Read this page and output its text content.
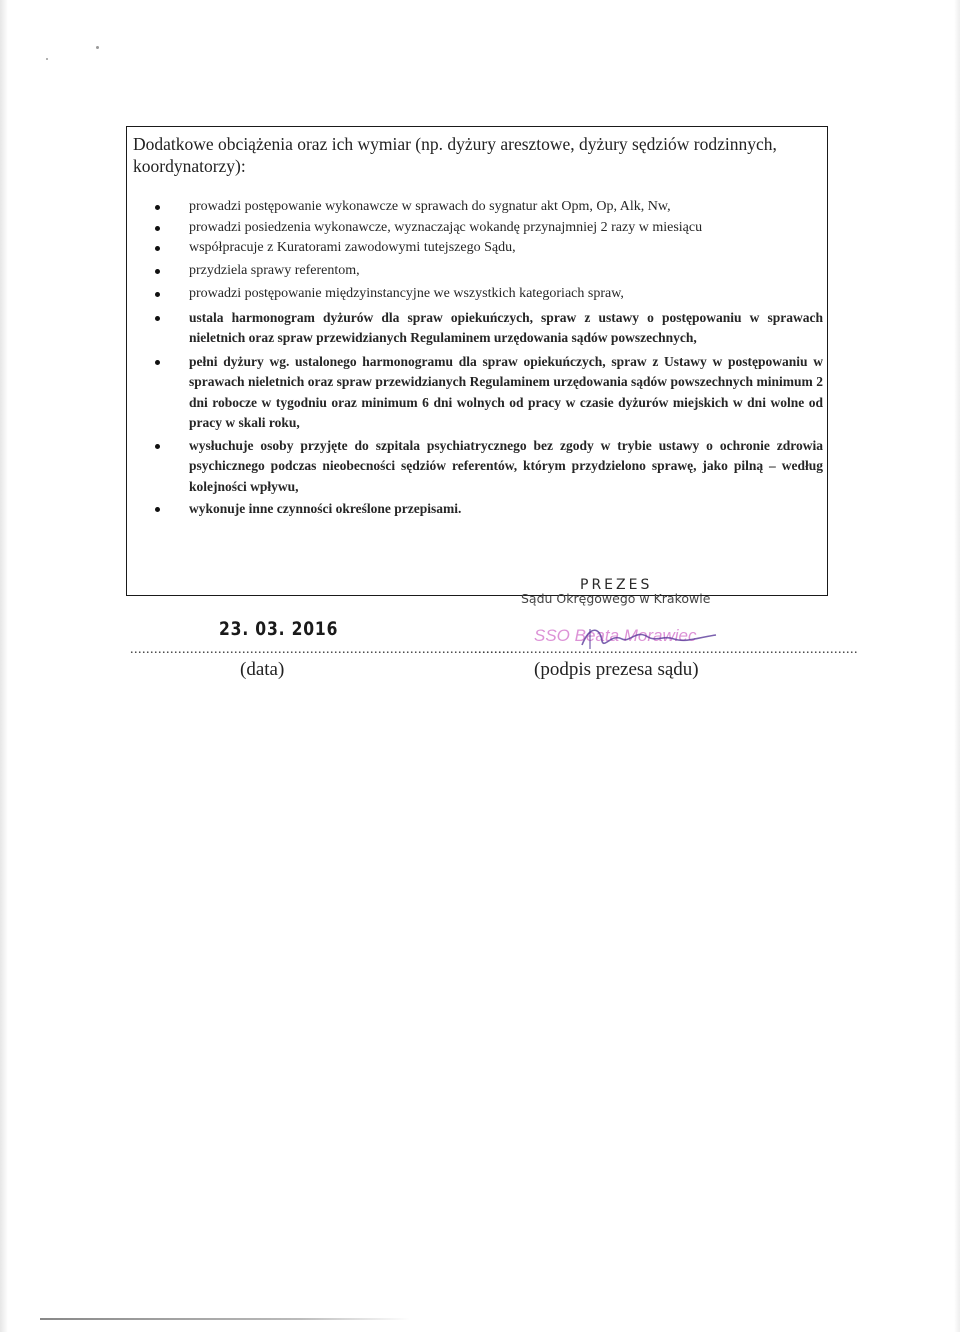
Dodatkowe obciążenia oraz ich wymiar (np. dyżury aresztowe, dyżury sędziów rodzinnych, koordynatorzy):
prowadzi postępowanie wykonawcze w sprawach do sygnatur akt Opm, Op, Alk, Nw,
prowadzi posiedzenia wykonawcze, wyznaczając wokandę przynajmniej 2 razy w miesiącu
współpracuje z Kuratorami zawodowymi tutejszego Sądu,
przydziela sprawy referentom,
prowadzi postępowanie międzyinstancyjne we wszystkich kategoriach spraw,
ustala harmonogram dyżurów dla spraw opiekuńczych, spraw z ustawy o postępowaniu w sprawach nieletnich oraz spraw przewidzianych Regulaminem urzędowania sądów powszechnych,
pełni dyżury wg. ustalonego harmonogramu dla spraw opiekuńczych, spraw z Ustawy w postępowaniu w sprawach nieletnich oraz spraw przewidzianych Regulaminem urzędowania sądów powszechnych minimum 2 dni robocze w tygodniu oraz minimum 6 dni wolnych od pracy w czasie dyżurów miejskich w dni wolne od pracy w skali roku,
wysłuchuje osoby przyjęte do szpitala psychiatrycznego bez zgody w trybie ustawy o ochronie zdrowia psychicznego podczas nieobecności sędziów referentów, którym przydzielono sprawę, jako pilną – według kolejności wpływu,
wykonuje inne czynności określone przepisami.
PREZES
Sądu Okręgowego w Krakowie
23. 03. 2016	SSO Beata Morawiec
................................................................................................
................................................................................................
(data)	(podpis prezesa sądu)
